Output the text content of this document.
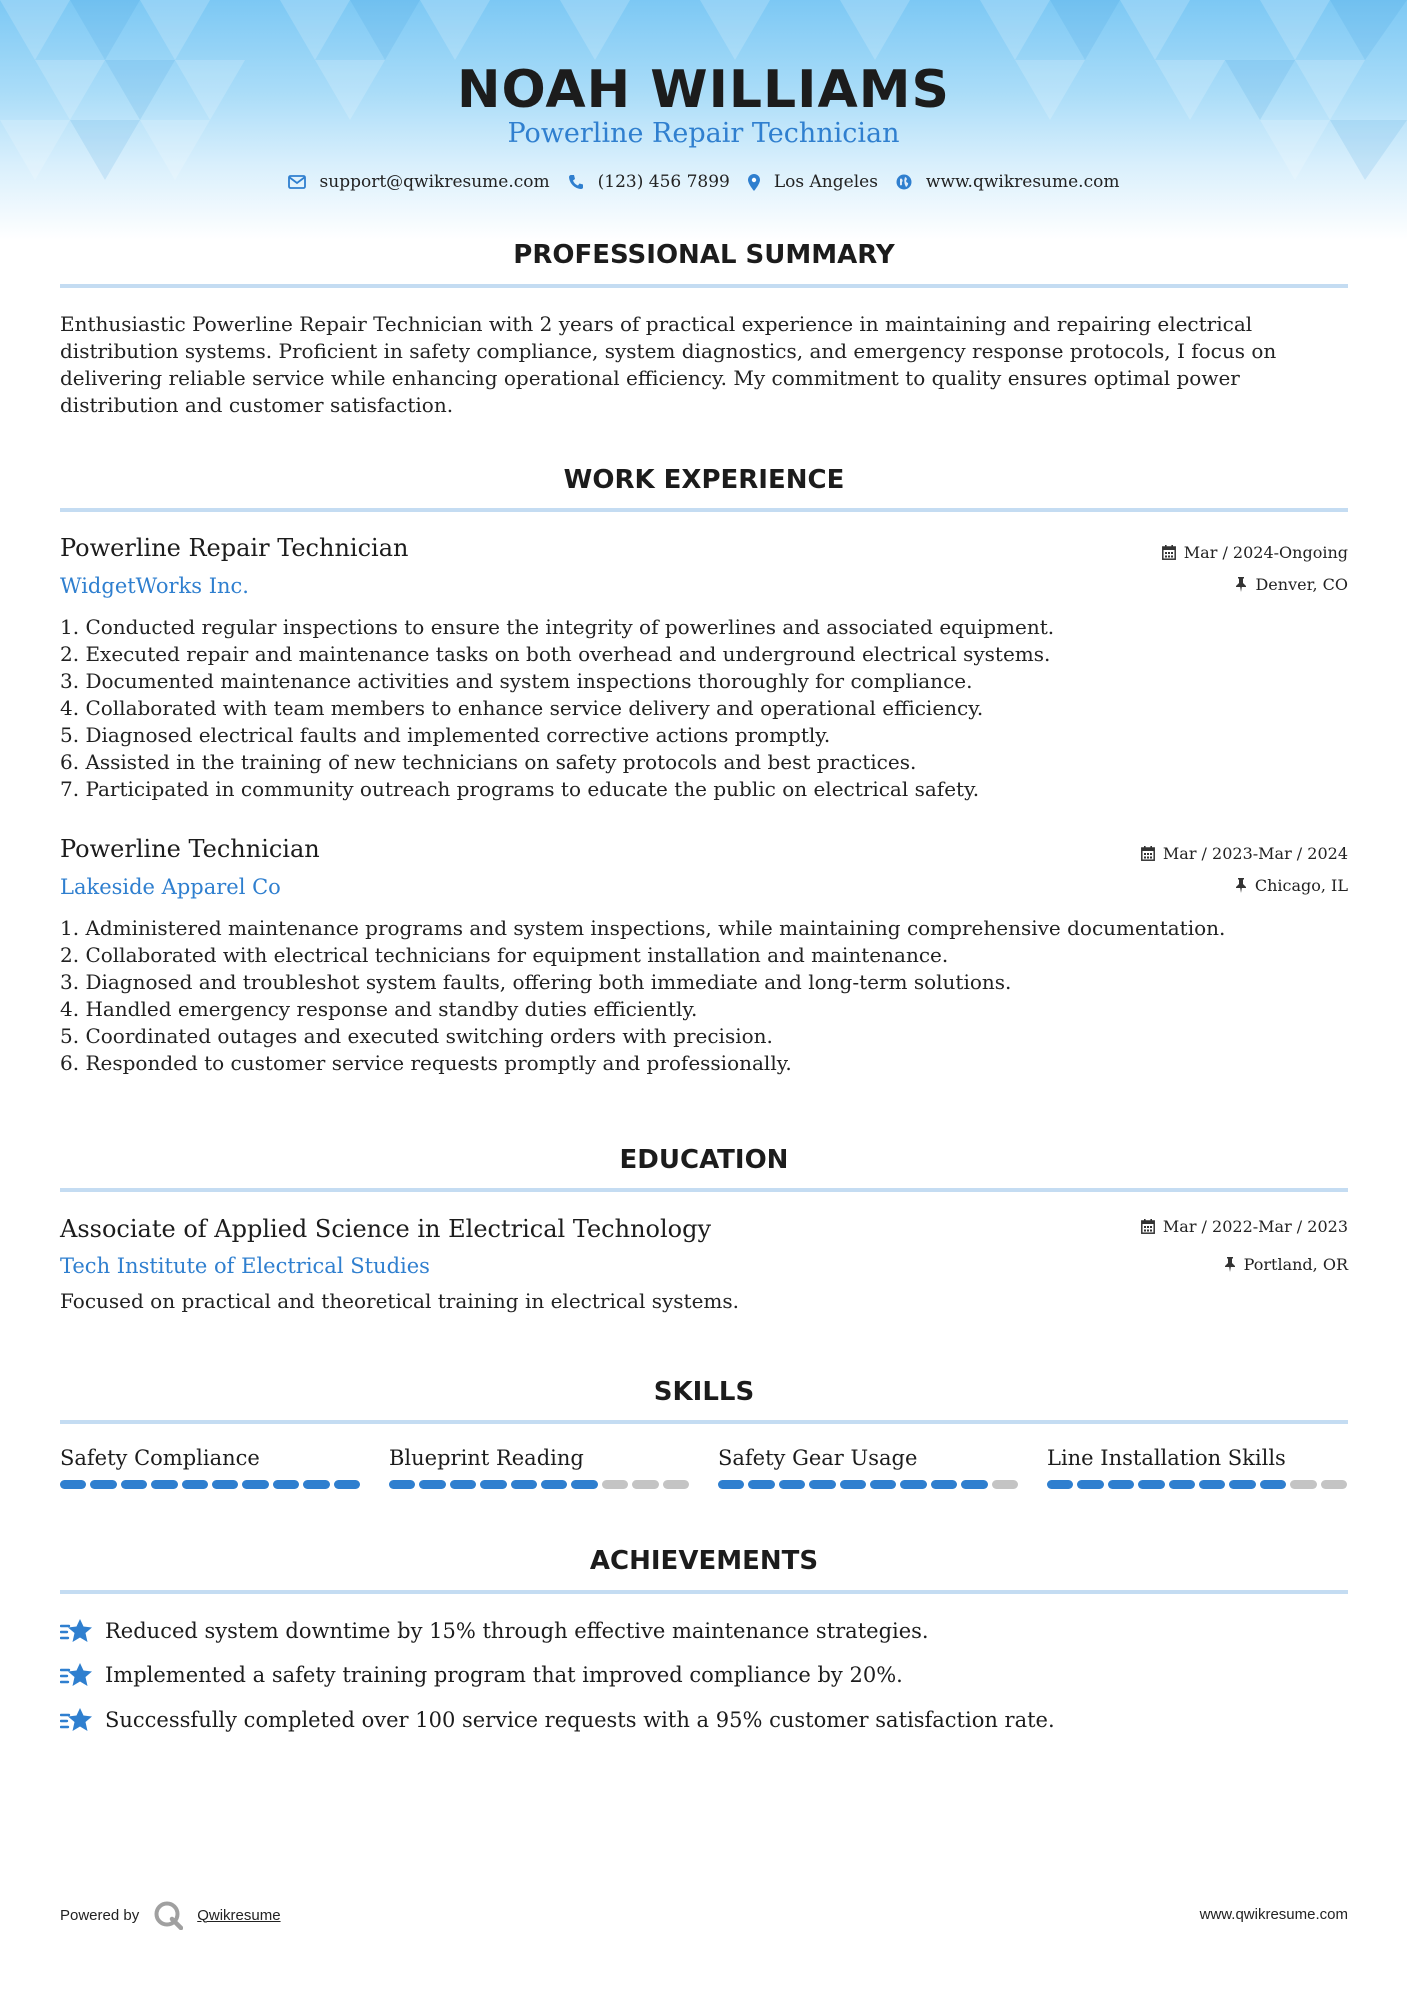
NOAH WILLIAMS
Powerline Repair Technician
support@qwikresume.com	(123) 456 7899	Los Angeles	www.qwikresume.com
PROFESSIONAL SUMMARY
Enthusiastic Powerline Repair Technician with 2 years of practical experience in maintaining and repairing electrical distribution systems. Proficient in safety compliance, system diagnostics, and emergency response protocols, I focus on delivering reliable service while enhancing operational efficiency. My commitment to quality ensures optimal power distribution and customer satisfaction.
WORK EXPERIENCE
Powerline Repair Technician
WidgetWorks Inc.
Mar / 2024-Ongoing
Denver, CO
1. Conducted regular inspections to ensure the integrity of powerlines and associated equipment.
2. Executed repair and maintenance tasks on both overhead and underground electrical systems.
3. Documented maintenance activities and system inspections thoroughly for compliance.
4. Collaborated with team members to enhance service delivery and operational efficiency.
5. Diagnosed electrical faults and implemented corrective actions promptly.
6. Assisted in the training of new technicians on safety protocols and best practices.
7. Participated in community outreach programs to educate the public on electrical safety.
Powerline Technician
Lakeside Apparel Co
Mar / 2023-Mar / 2024
Chicago, IL
1. Administered maintenance programs and system inspections, while maintaining comprehensive documentation.
2. Collaborated with electrical technicians for equipment installation and maintenance.
3. Diagnosed and troubleshot system faults, offering both immediate and long-term solutions.
4. Handled emergency response and standby duties efficiently.
5. Coordinated outages and executed switching orders with precision.
6. Responded to customer service requests promptly and professionally.
EDUCATION
Associate of Applied Science in Electrical Technology
Tech Institute of Electrical Studies
Mar / 2022-Mar / 2023
Portland, OR
Focused on practical and theoretical training in electrical systems.
SKILLS
Safety Compliance	Blueprint Reading	Safety Gear Usage	Line Installation Skills
ACHIEVEMENTS
Reduced system downtime by 15% through effective maintenance strategies.
Implemented a safety training program that improved compliance by 20%.
Successfully completed over 100 service requests with a 95% customer satisfaction rate.
Powered by	Qwikresume	www.qwikresume.com
